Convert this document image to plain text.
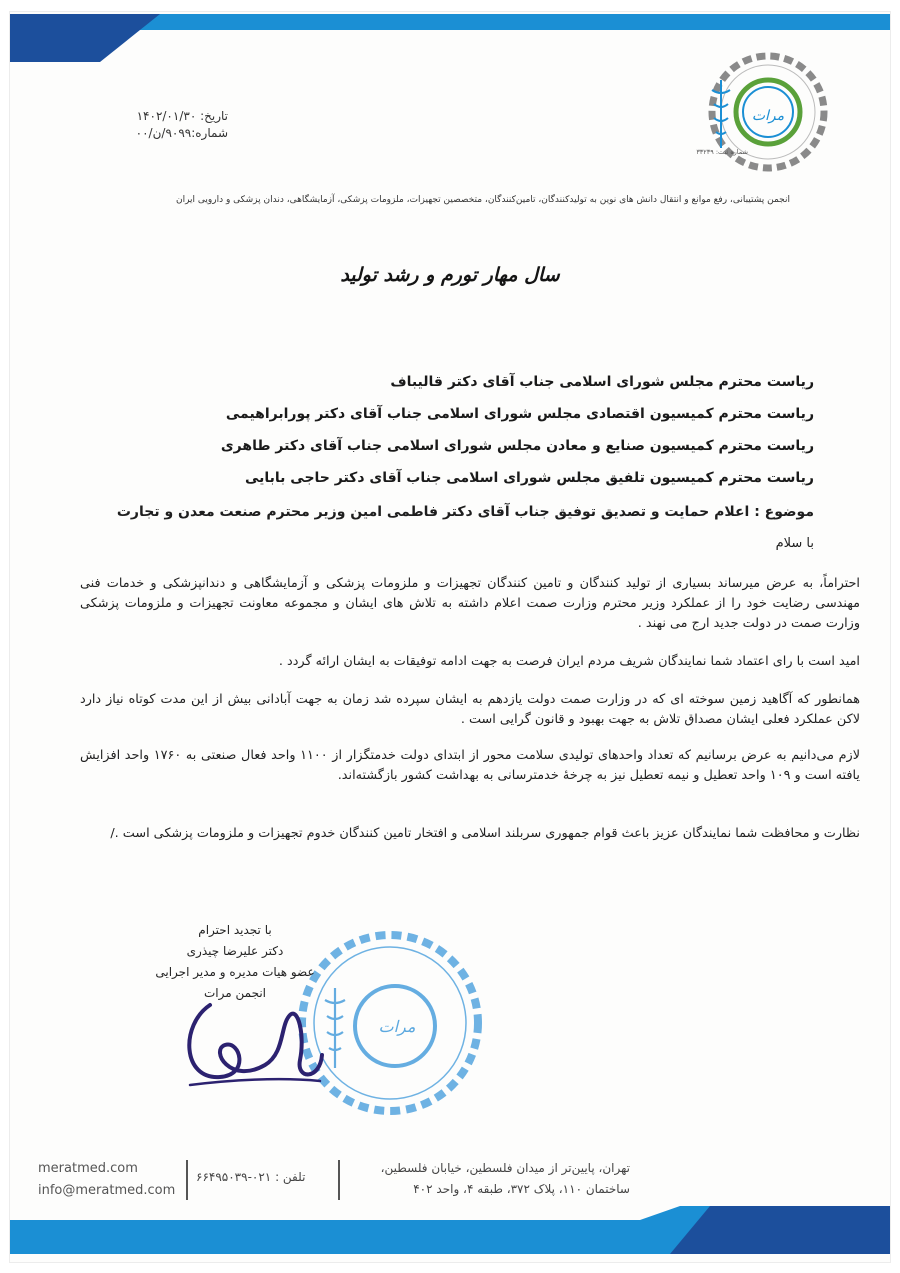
مرات
شماره ثبت: ۳۳۲۳۹
تاریخ: ۱۴۰۲/۰۱/۳۰
شماره:۹۰۹۹/ن/۰۰
انجمن پشتیبانی، رفع موانع و انتقال دانش های نوین به تولیدکنندگان، تامین‌کنندگان، متخصصین تجهیزات، ملزومات پزشکی، آزمایشگاهی، دندان پزشکی و دارویی ایران
سال مهار تورم و رشد تولید
ریاست محترم مجلس شورای اسلامی جناب آقای دکتر قالیباف
ریاست محترم کمیسیون اقتصادی مجلس شورای اسلامی جناب آقای دکتر پورابراهیمی
ریاست محترم کمیسیون صنایع و معادن مجلس شورای اسلامی جناب آقای دکتر طاهری
ریاست محترم کمیسیون تلفیق مجلس شورای اسلامی جناب آقای دکتر حاجی بابایی
موضوع : اعلام حمایت و تصدیق توفیق جناب آقای دکتر فاطمی امین وزیر محترم صنعت معدن و تجارت
با سلام
احتراماً، به عرض میرساند بسیاری از تولید کنندگان و تامین کنندگان تجهیزات و ملزومات پزشکی و آزمایشگاهی و دندانپزشکی و خدمات فنی مهندسی رضایت خود را از عملکرد وزیر محترم وزارت صمت اعلام داشته به تلاش های ایشان و مجموعه معاونت تجهیزات و ملزومات پزشکی وزارت صمت در دولت جدید ارج می نهند .
امید است با رای اعتماد شما نمایندگان شریف مردم ایران فرصت به جهت ادامه توفیقات به ایشان ارائه گردد .
همانطور که آگاهید زمین سوخته ای که در وزارت صمت دولت یازدهم به ایشان سپرده شد زمان به جهت آبادانی بیش از این مدت کوتاه نیاز دارد لاکن عملکرد فعلی ایشان مصداق تلاش به جهت بهبود و قانون گرایی است .
لازم می‌دانیم به عرض برسانیم که تعداد واحدهای تولیدی سلامت محور از ابتدای دولت خدمتگزار از ۱۱۰۰ واحد فعال صنعتی به ۱۷۶۰ واحد افزایش یافته است و ۱۰۹ واحد تعطیل و نیمه تعطیل نیز به چرخهٔ خدمترسانی به بهداشت کشور بازگشته‌اند.
نظارت و محافظت شما نمایندگان عزیز باعث قوام جمهوری سربلند اسلامی و افتخار تامین کنندگان خدوم تجهیزات و ملزومات پزشکی است ./
مرات
با تجدید احترام
دکتر علیرضا چیذری
عضو هیات مدیره و مدیر اجرایی
انجمن مرات
meratmed.com
info@meratmed.com
تلفن : ۰۲۱-۶۶۴۹۵۰۳۹
تهران، پایین‌تر از میدان فلسطین، خیابان فلسطین،
ساختمان ۱۱۰، پلاک ۳۷۲، طبقه ۴، واحد ۴۰۲
